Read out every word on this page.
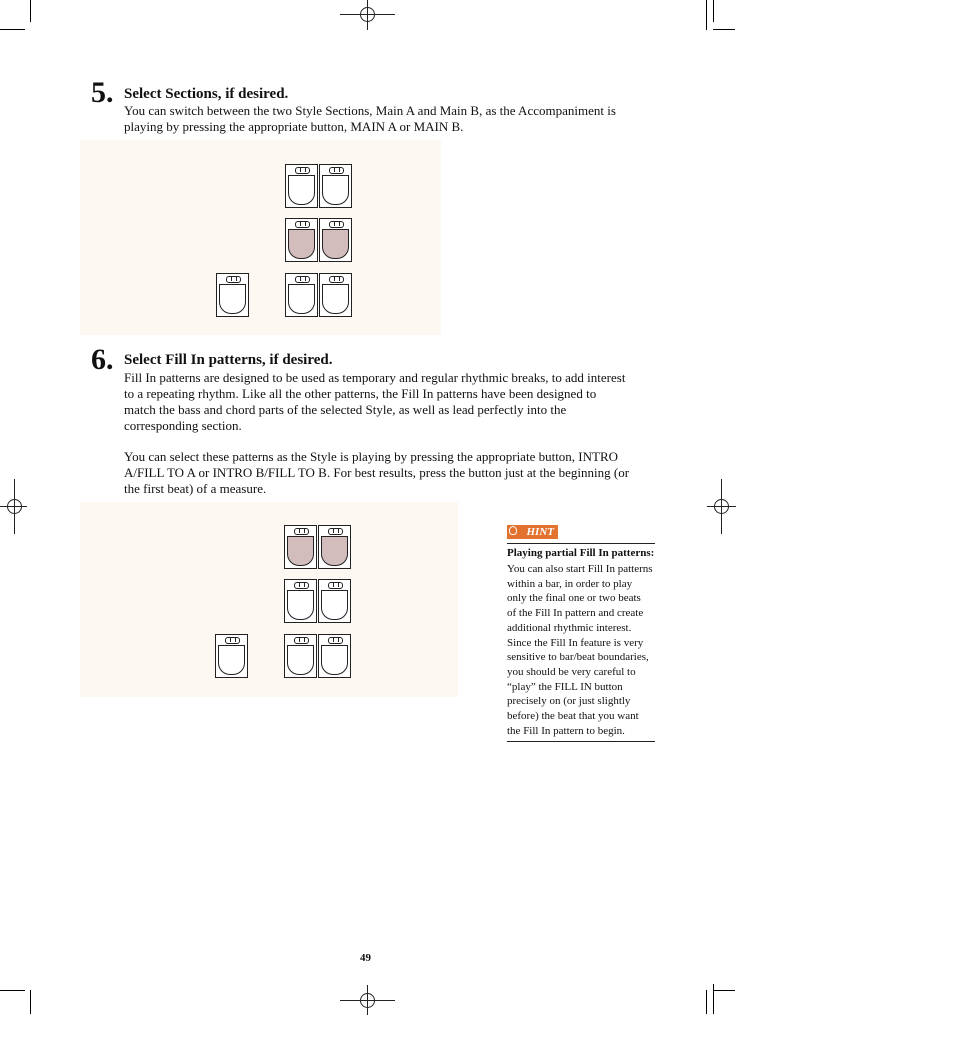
5. Select Sections, if desired.
You can switch between the two Style Sections, Main A and Main B, as the Accompaniment is
playing by pressing the appropriate button, MAIN A or MAIN B.
6. Select Fill In patterns, if desired.
Fill In patterns are designed to be used as temporary and regular rhythmic breaks, to add interest
to a repeating rhythm. Like all the other patterns, the Fill In patterns have been designed to
match the bass and chord parts of the selected Style, as well as lead perfectly into the
corresponding section.
You can select these patterns as the Style is playing by pressing the appropriate button, INTRO
A/FILL TO A or INTRO B/FILL TO B. For best results, press the button just at the beginning (or
the first beat) of a measure.
HINT
Playing partial Fill In patterns:
You can also start Fill In patterns
within a bar, in order to play
only the final one or two beats
of the Fill In pattern and create
additional rhythmic interest.
Since the Fill In feature is very
sensitive to bar/beat boundaries,
you should be very careful to
“play” the FILL IN button
precisely on (or just slightly
before) the beat that you want
the Fill In pattern to begin.
49
